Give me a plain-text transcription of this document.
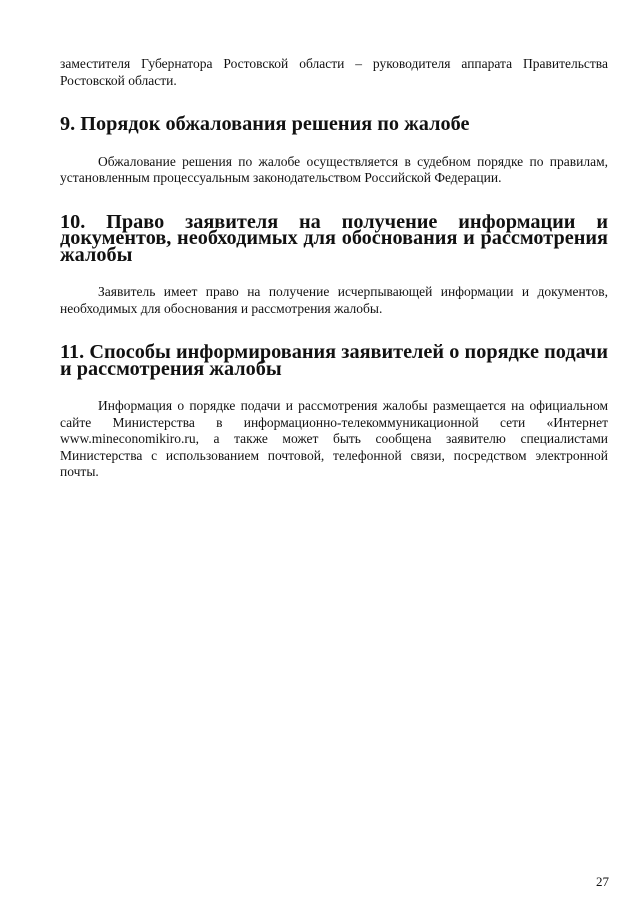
заместителя Губернатора Ростовской области – руководителя аппарата Правительства Ростовской области.

9. Порядок обжалования решения по жалобе

Обжалование решения по жалобе осуществляется в судебном порядке по правилам, установленным процессуальным законодательством Российской Федерации.

10. Право заявителя на получение информации и документов, необходимых для обоснования и рассмотрения жалобы

Заявитель имеет право на получение исчерпывающей информации и документов, необходимых для обоснования и рассмотрения жалобы.

11. Способы информирования заявителей о порядке подачи и рассмотрения жалобы

Информация о порядке подачи и рассмотрения жалобы размещается на официальном сайте Министерства в информационно-телекоммуникационной сети «Интернет www.mineconomikiro.ru, а также может быть сообщена заявителю специалистами Министерства с использованием почтовой, телефонной связи, посредством электронной почты.

27
